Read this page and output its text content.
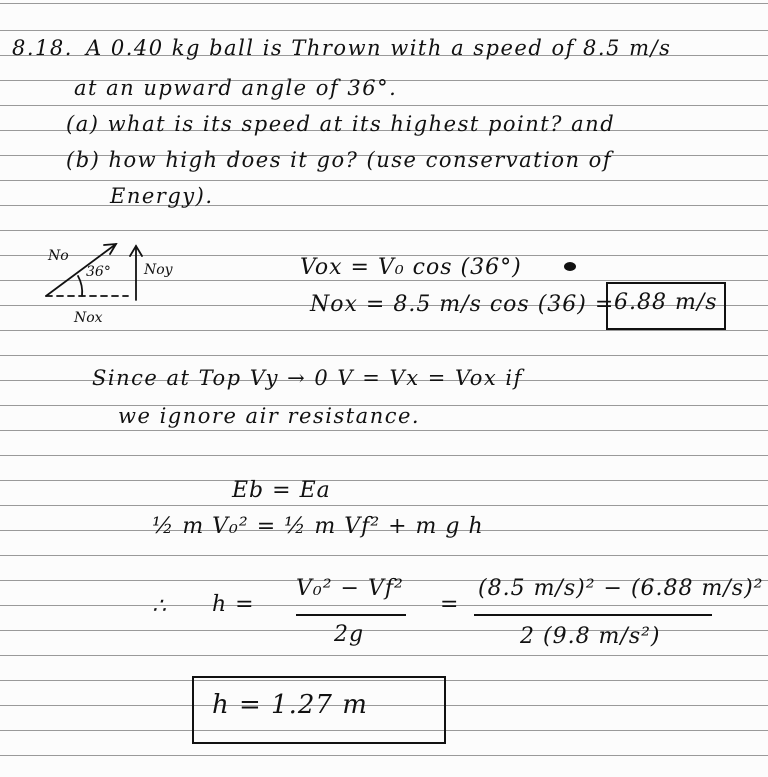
8.18. A 0.40 kg ball is Thrown with a speed of 8.5 m/s
at an upward angle of 36°.
(a) what is its speed at its highest point? and
(b) how high does it go? (use conservation of
Energy).
No
36° Noy
Nox
Vox = V₀ cos (36°)
Nox = 8.5 m/s cos (36) = 6.88 m/s
Since at Top Vy → 0 V = Vx = Vox if
we ignore air resistance.
Eb = Ea
½ m V₀² = ½ m Vf² + m g h
∴ h =
V₀² − Vf²
2g
=
(8.5 m/s)² − (6.88 m/s)²
2 (9.8 m/s²)
h = 1.27 m
